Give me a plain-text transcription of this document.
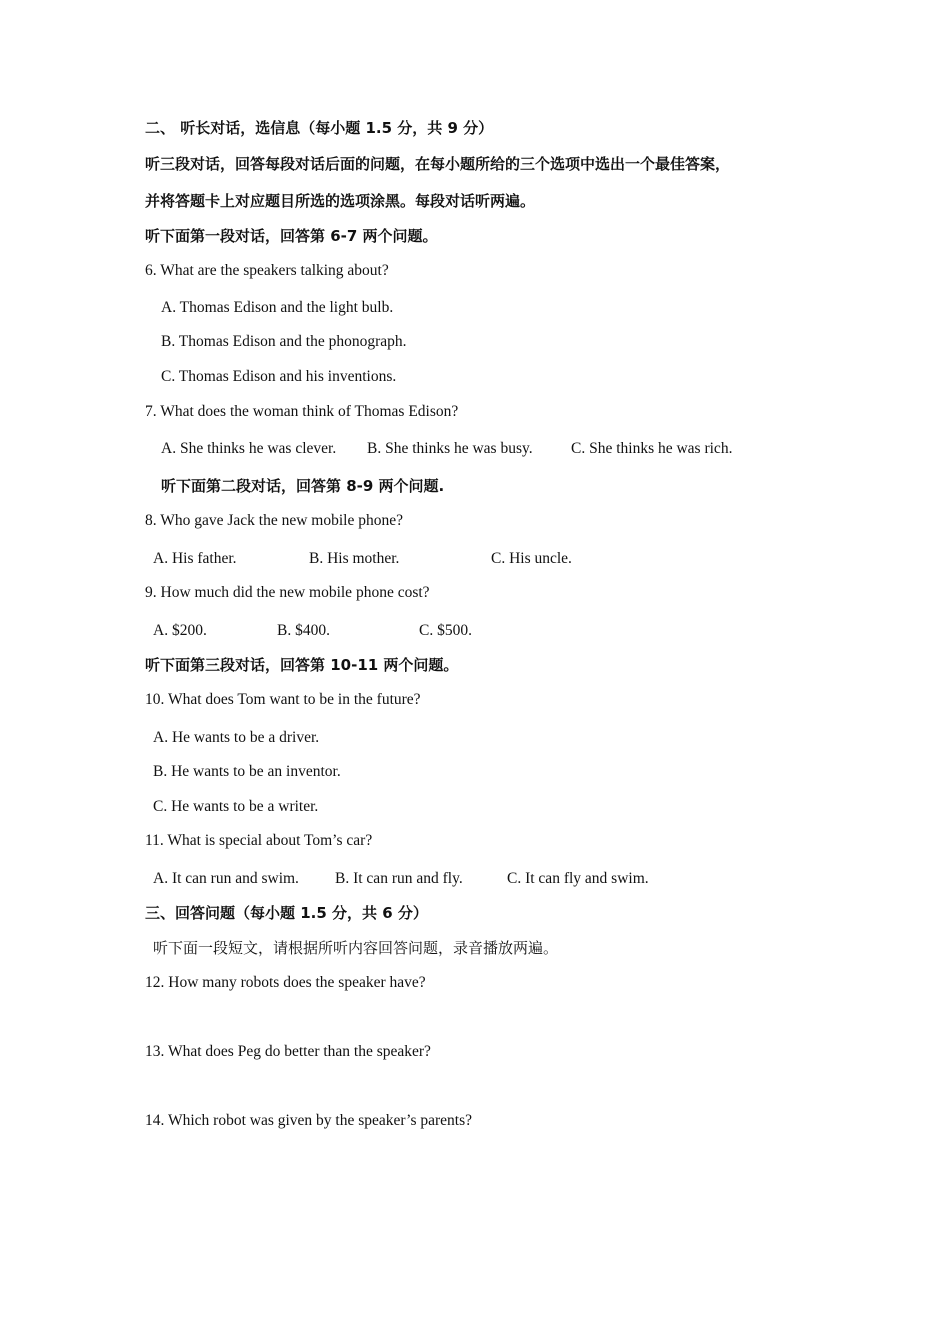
二、 听长对话，选信息（每小题 1.5 分，共 9 分）
听三段对话，回答每段对话后面的问题，在每小题所给的三个选项中选出一个最佳答案，
并将答题卡上对应题目所选的选项涂黑。每段对话听两遍。
听下面第一段对话，回答第 6-7 两个问题。
6. What are the speakers talking about?
A. Thomas Edison and the light bulb.
B. Thomas Edison and the phonograph.
C. Thomas Edison and his inventions.
7. What does the woman think of Thomas Edison?
A. She thinks he was clever. B. She thinks he was busy. C. She thinks he was rich.
听下面第二段对话，回答第 8-9 两个问题.
8. Who gave Jack the new mobile phone?
A. His father.	B. His mother.	C. His uncle.
9. How much did the new mobile phone cost?
A. $200.	B. $400.	C. $500.
听下面第三段对话，回答第 10-11 两个问题。
10. What does Tom want to be in the future?
A. He wants to be a driver.
B. He wants to be an inventor.
C. He wants to be a writer.
11. What is special about Tom’s car?
A. It can run and swim. B. It can run and fly.	C. It can fly and swim.
三、回答问题（每小题 1.5 分，共 6 分）
听下面一段短文，请根据所听内容回答问题，录音播放两遍。
12. How many robots does the speaker have?
13. What does Peg do better than the speaker?
14. Which robot was given by the speaker’s parents?
